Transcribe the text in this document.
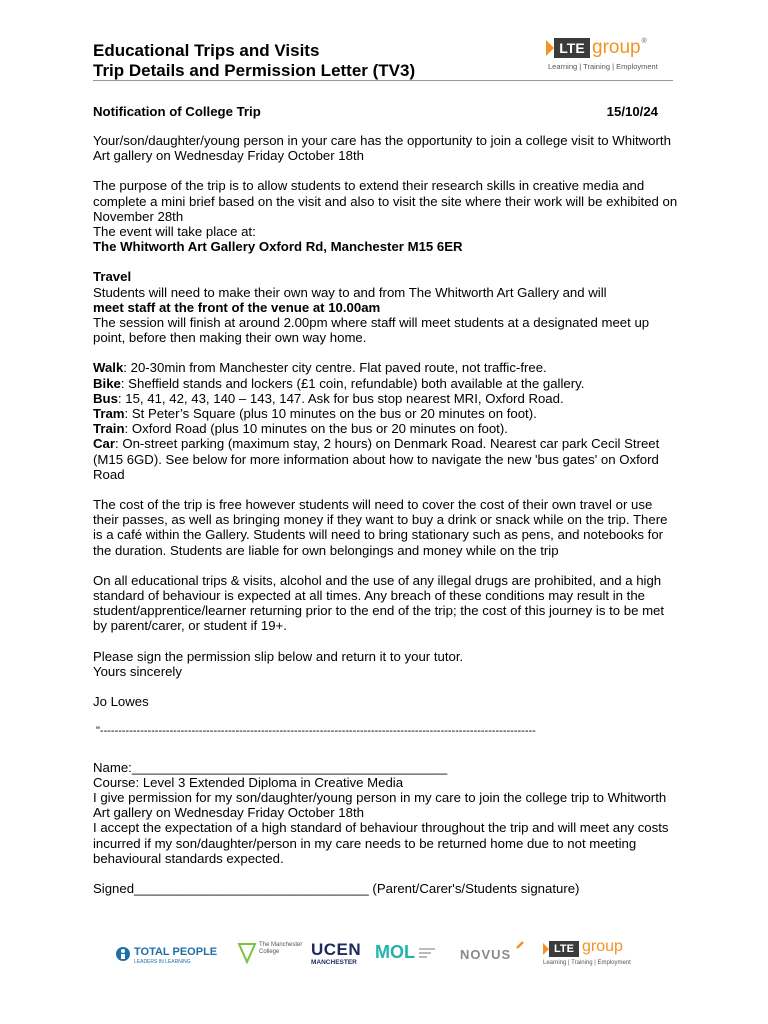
Educational Trips and Visits
Trip Details and Permission Letter (TV3)
LTE group ®
Learning | Training | Employment
Notification of College Trip	15/10/24

Your/son/daughter/young person in your care has the opportunity to join a college visit to Whitworth Art gallery on Wednesday Friday October 18th

The purpose of the trip is to allow students to extend their research skills in creative media and complete a mini brief based on the visit and also to visit the site where their work will be exhibited on November 28th

The event will take place at:

The Whitworth Art Gallery Oxford Rd, Manchester M15 6ER

Travel

Students will need to make their own way to and from The Whitworth Art Gallery and will

meet staff at the front of the venue at 10.00am

The session will finish at around 2.00pm where staff will meet students at a designated meet up point, before then making their own way home.

Walk: 20-30min from Manchester city centre. Flat paved route, not traffic-free.

Bike: Sheffield stands and lockers (£1 coin, refundable) both available at the gallery.

Bus: 15, 41, 42, 43, 140 – 143, 147. Ask for bus stop nearest MRI, Oxford Road.

Tram: St Peter’s Square (plus 10 minutes on the bus or 20 minutes on foot).

Train: Oxford Road (plus 10 minutes on the bus or 20 minutes on foot).

Car: On-street parking (maximum stay, 2 hours) on Denmark Road. Nearest car park Cecil Street (M15 6GD). See below for more information about how to navigate the new 'bus gates' on Oxford Road

The cost of the trip is free however students will need to cover the cost of their own travel or use their passes, as well as bringing money if they want to buy a drink or snack while on the trip. There is a café within the Gallery. Students will need to bring stationary such as pens, and notebooks for the duration. Students are liable for own belongings and money while on the trip

On all educational trips & visits, alcohol and the use of any illegal drugs are prohibited, and a high standard of behaviour is expected at all times. Any breach of these conditions may result in the student/apprentice/learner returning prior to the end of the trip; the cost of this journey is to be met by parent/carer, or student if 19+.

Please sign the permission slip below and return it to your tutor.

Yours sincerely

Jo Lowes

"-----------------------------------------------------------------------------------------------------------------------

Name:___________________________________________

Course: Level 3 Extended Diploma in Creative Media

I give permission for my son/daughter/young person in my care to join the college trip to Whitworth Art gallery on Wednesday Friday October 18th

I accept the expectation of a high standard of behaviour throughout the trip and will meet any costs incurred if my son/daughter/person in my care needs to be returned home due to not meeting behavioural standards expected.

Signed________________________________ (Parent/Carer's/Students signature)

TOTAL PEOPLE
LEADERS IN LEARNING
The Manchester College	UCEN
MANCHESTER
MOL	NOVUS	LTE group
Learning | Training | Employment
